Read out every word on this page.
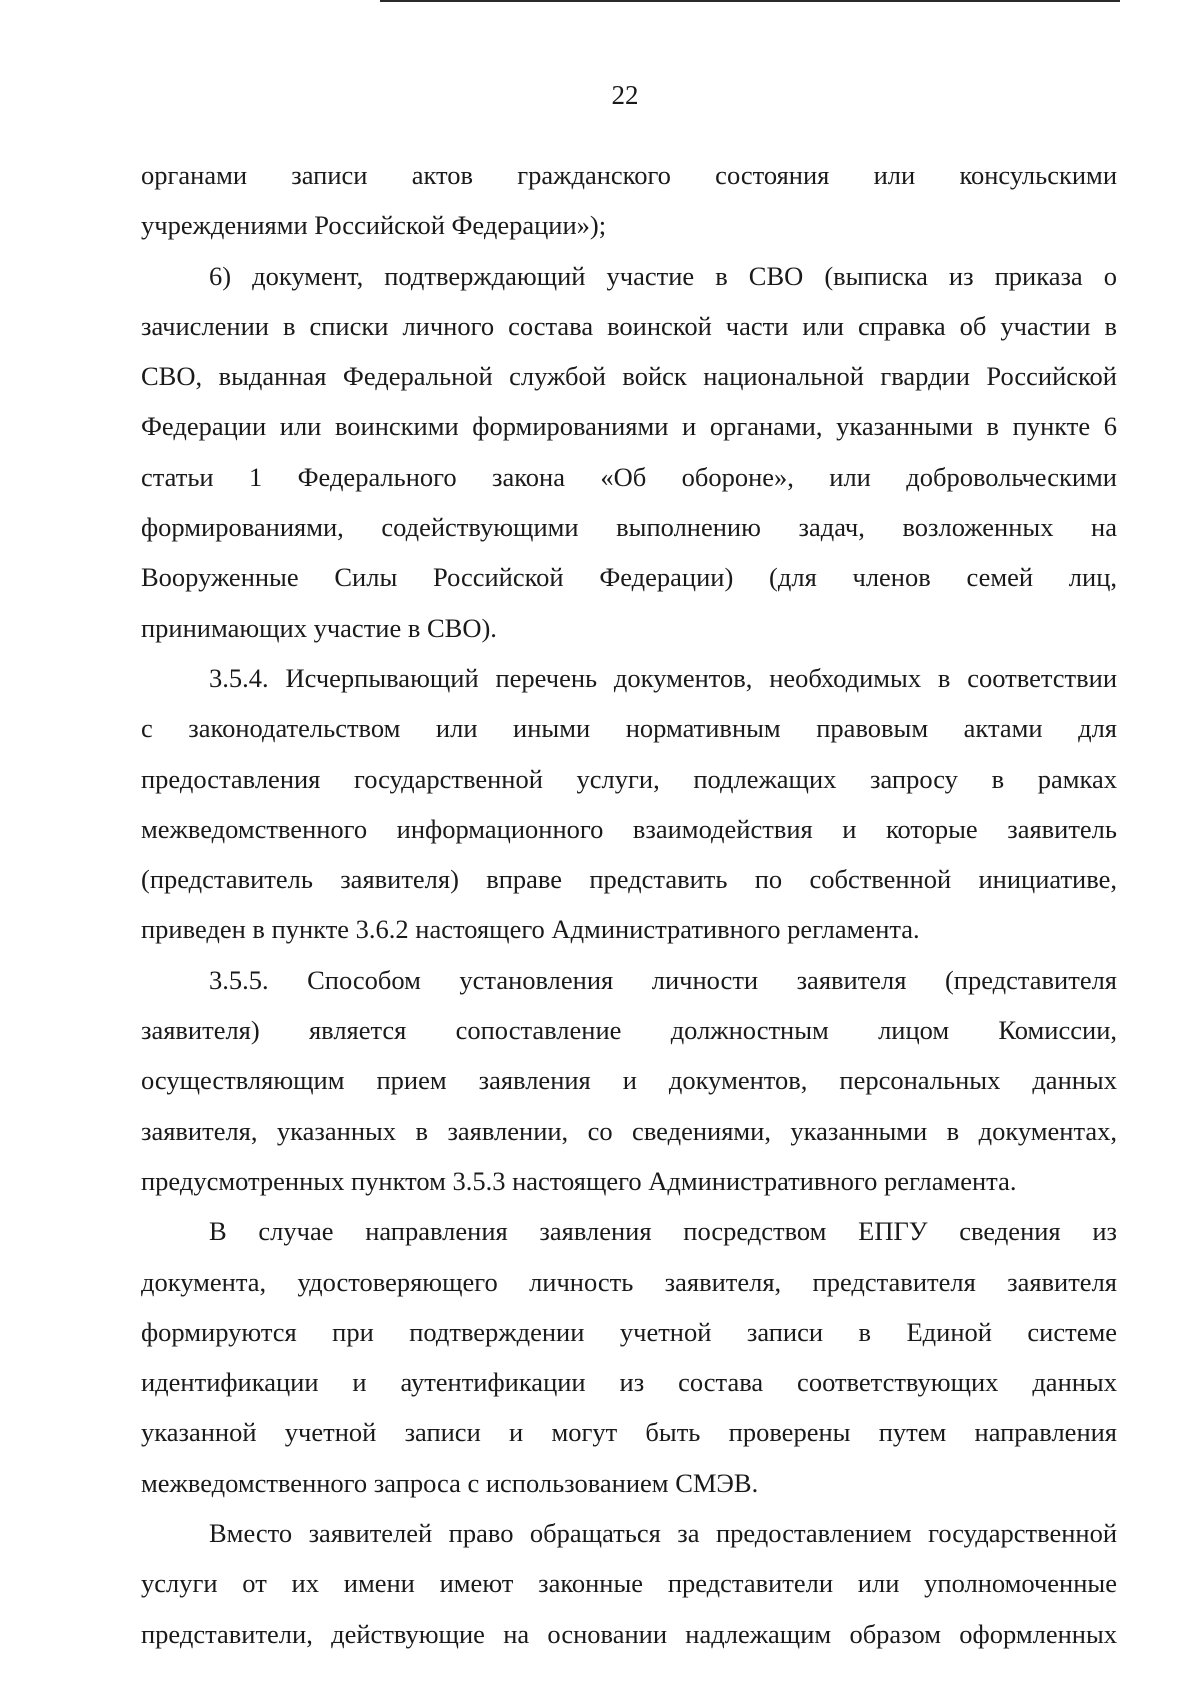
22
органами записи актов гражданского состояния или консульскими
учреждениями Российской Федерации»);
6) документ, подтверждающий участие в СВО (выписка из приказа о
зачислении в списки личного состава воинской части или справка об участии в
СВО, выданная Федеральной службой войск национальной гвардии Российской
Федерации или воинскими формированиями и органами, указанными в пункте 6
статьи 1 Федерального закона «Об обороне», или добровольческими
формированиями, содействующими выполнению задач, возложенных на
Вооруженные Силы Российской Федерации) (для членов семей лиц,
принимающих участие в СВО).
3.5.4. Исчерпывающий перечень документов, необходимых в соответствии
с законодательством или иными нормативным правовым актами для
предоставления государственной услуги, подлежащих запросу в рамках
межведомственного информационного взаимодействия и которые заявитель
(представитель заявителя) вправе представить по собственной инициативе,
приведен в пункте 3.6.2 настоящего Административного регламента.
3.5.5. Способом установления личности заявителя (представителя
заявителя) является сопоставление должностным лицом Комиссии,
осуществляющим прием заявления и документов, персональных данных
заявителя, указанных в заявлении, со сведениями, указанными в документах,
предусмотренных пунктом 3.5.3 настоящего Административного регламента.
В случае направления заявления посредством ЕПГУ сведения из
документа, удостоверяющего личность заявителя, представителя заявителя
формируются при подтверждении учетной записи в Единой системе
идентификации и аутентификации из состава соответствующих данных
указанной учетной записи и могут быть проверены путем направления
межведомственного запроса с использованием СМЭВ.
Вместо заявителей право обращаться за предоставлением государственной
услуги от их имени имеют законные представители или уполномоченные
представители, действующие на основании надлежащим образом оформленных
